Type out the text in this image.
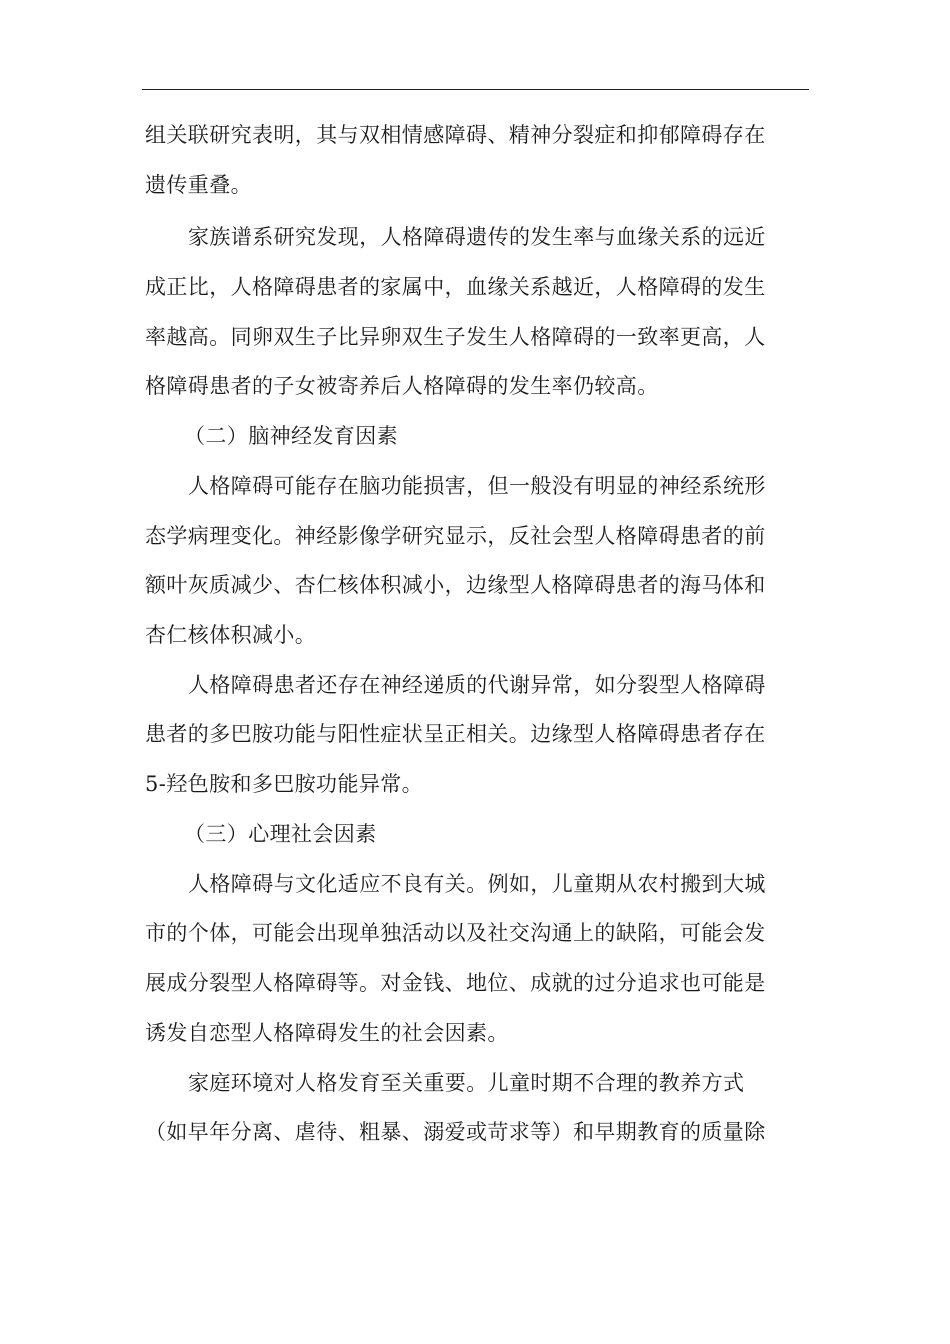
组关联研究表明，其与双相情感障碍、精神分裂症和抑郁障碍存在
遗传重叠。
家族谱系研究发现，人格障碍遗传的发生率与血缘关系的远近
成正比，人格障碍患者的家属中，血缘关系越近，人格障碍的发生
率越高。同卵双生子比异卵双生子发生人格障碍的一致率更高，人
格障碍患者的子女被寄养后人格障碍的发生率仍较高。
（二）脑神经发育因素
人格障碍可能存在脑功能损害，但一般没有明显的神经系统形
态学病理变化。神经影像学研究显示，反社会型人格障碍患者的前
额叶灰质减少、杏仁核体积减小，边缘型人格障碍患者的海马体和
杏仁核体积减小。
人格障碍患者还存在神经递质的代谢异常，如分裂型人格障碍
患者的多巴胺功能与阳性症状呈正相关。边缘型人格障碍患者存在
5-羟色胺和多巴胺功能异常。
（三）心理社会因素
人格障碍与文化适应不良有关。例如，儿童期从农村搬到大城
市的个体，可能会出现单独活动以及社交沟通上的缺陷，可能会发
展成分裂型人格障碍等。对金钱、地位、成就的过分追求也可能是
诱发自恋型人格障碍发生的社会因素。
家庭环境对人格发育至关重要。儿童时期不合理的教养方式
（如早年分离、虐待、粗暴、溺爱或苛求等）和早期教育的质量除
